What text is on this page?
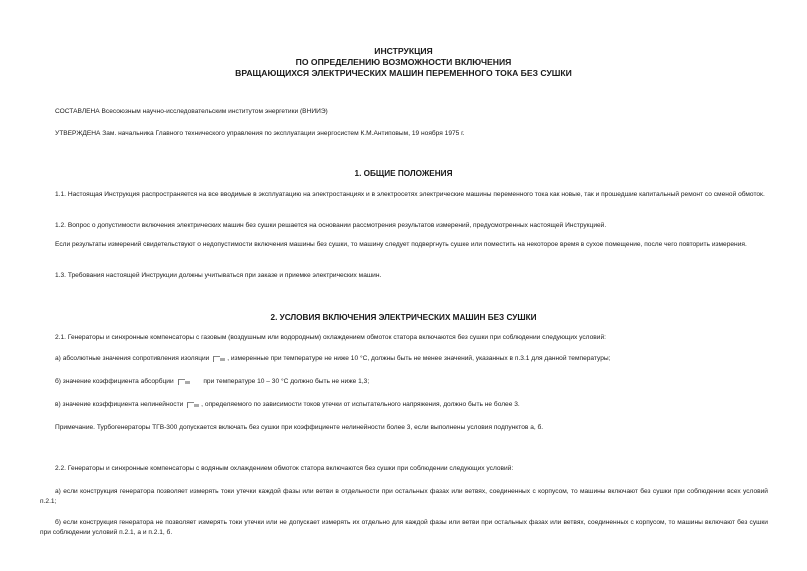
ИНСТРУКЦИЯ
ПО ОПРЕДЕЛЕНИЮ ВОЗМОЖНОСТИ ВКЛЮЧЕНИЯ
ВРАЩАЮЩИХСЯ ЭЛЕКТРИЧЕСКИХ МАШИН ПЕРЕМЕННОГО ТОКА БЕЗ СУШКИ
СОСТАВЛЕНА Всесоюзным научно-исследовательским институтом энергетики (ВНИИЭ)
УТВЕРЖДЕНА Зам. начальника Главного технического управления по эксплуатации энергосистем К.М.Антиповым, 19 ноября 1975 г.
1. ОБЩИЕ ПОЛОЖЕНИЯ
1.1. Настоящая Инструкция распространяется на все вводимые в эксплуатацию на электростанциях и в электросетях электрические машины переменного тока как новые, так и прошедшие капитальный ремонт со сменой обмоток.
1.2. Вопрос о допустимости включения электрических машин без сушки решается на основании рассмотрения результатов измерений, предусмотренных настоящей Инструкцией.
Если результаты измерений свидетельствуют о недопустимости включения машины без сушки, то машину следует подвергнуть сушке или поместить на некоторое время в сухое помещение, после чего повторить измерения.
1.3. Требования настоящей Инструкции должны учитываться при заказе и приемке электрических машин.
2. УСЛОВИЯ ВКЛЮЧЕНИЯ ЭЛЕКТРИЧЕСКИХ МАШИН БЕЗ СУШКИ
2.1. Генераторы и синхронные компенсаторы с газовым (воздушным или водородным) охлаждением обмоток статора включаются без сушки при соблюдении следующих условий:
а) абсолютные значения сопротивления изоляции	, измеренные при температуре не ниже 10 °С, должны быть не менее значений, указанных в п.3.1 для данной температуры;
б) значение коэффициента абсорбции	при температуре 10 – 30 °С должно быть не ниже 1,3;
в) значение коэффициента нелинейности	, определяемого по зависимости токов утечки от испытательного напряжения, должно быть не более 3.
Примечание. Турбогенераторы ТГВ-300 допускается включать без сушки при коэффициенте нелинейности более 3, если выполнены условия подпунктов а, б.
2.2. Генераторы и синхронные компенсаторы с водяным охлаждением обмоток статора включаются без сушки при соблюдении следующих условий:
а) если конструкция генератора позволяет измерять токи утечки каждой фазы или ветви в отдельности при остальных фазах или ветвях, соединенных с корпусом, то машины включают без сушки при соблюдении всех условий п.2.1;
б) если конструкция генератора не позволяет измерять токи утечки или не допускает измерять их отдельно для каждой фазы или ветви при остальных фазах или ветвях, соединенных с корпусом, то машины включают без сушки при соблюдении условий п.2.1, а и п.2.1, б.
